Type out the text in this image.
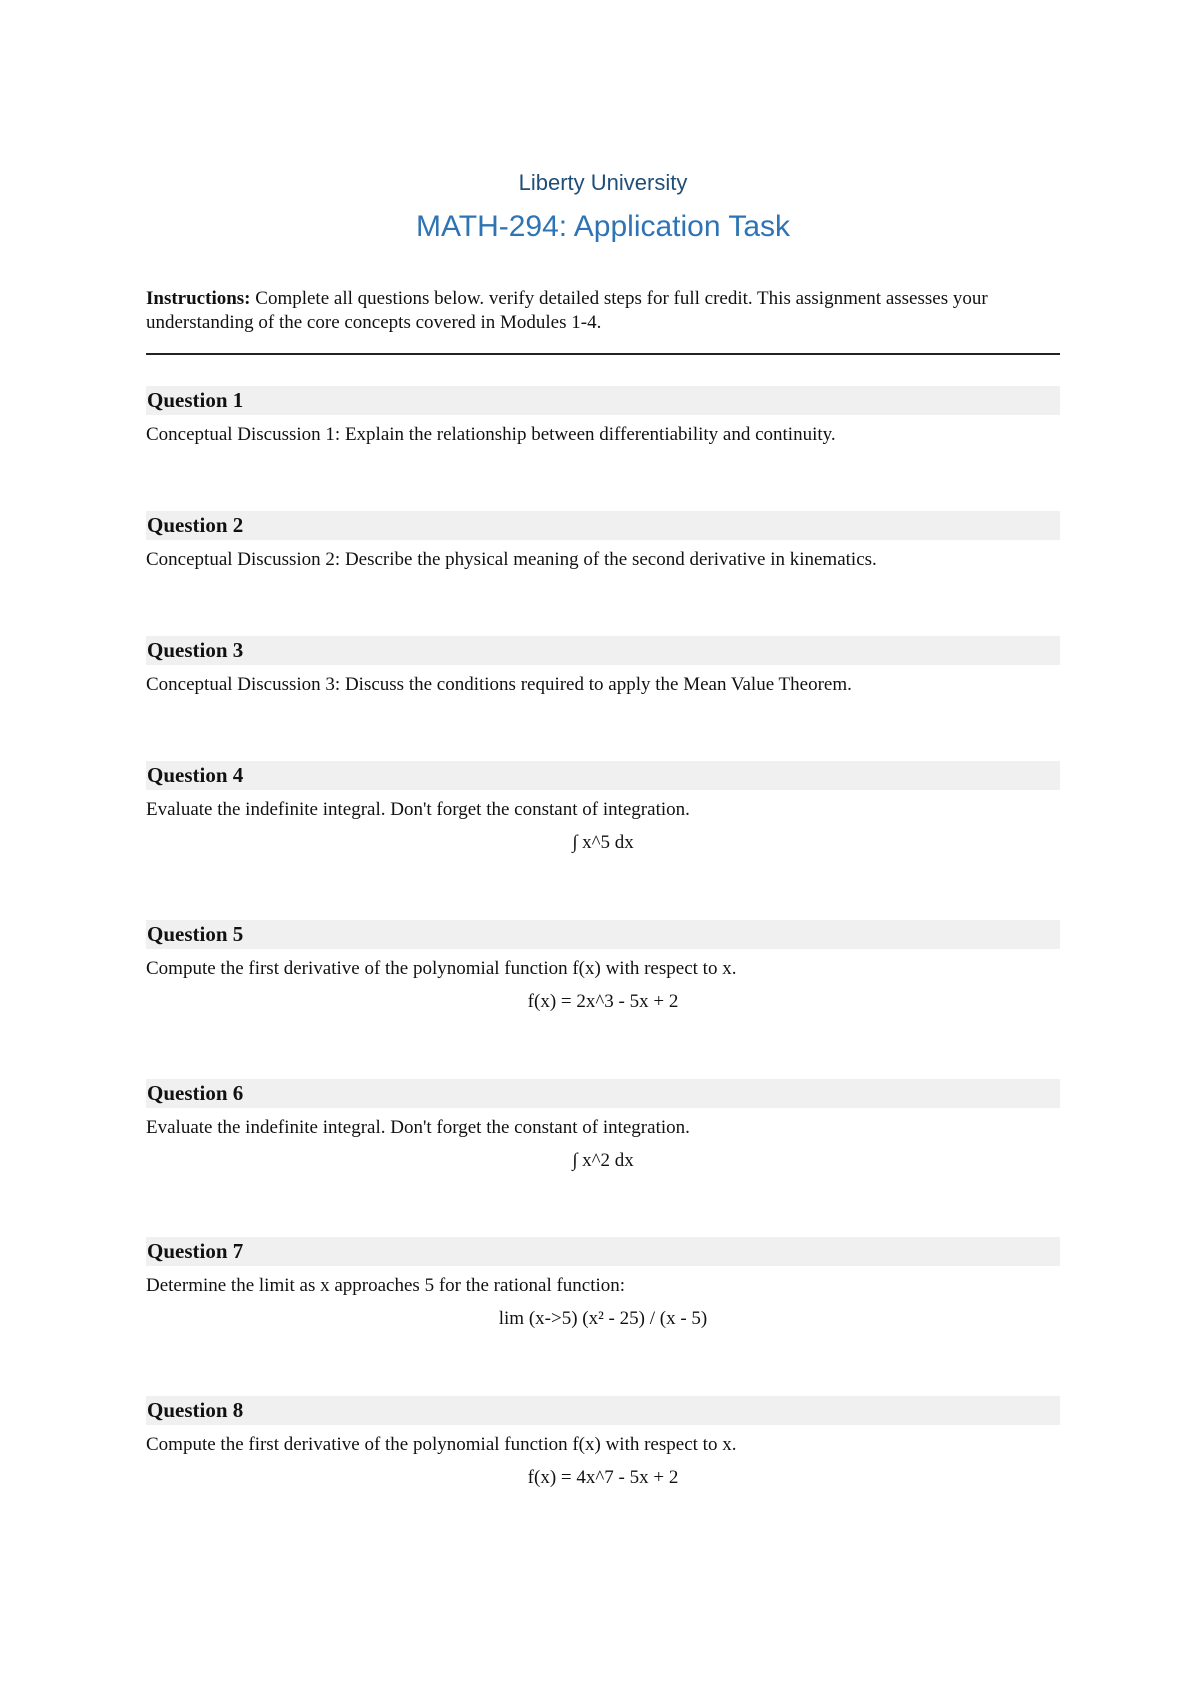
Liberty University
MATH-294: Application Task
Instructions: Complete all questions below. verify detailed steps for full credit. This assignment assesses your understanding of the core concepts covered in Modules 1-4.
Question 1
Conceptual Discussion 1: Explain the relationship between differentiability and continuity.
Question 2
Conceptual Discussion 2: Describe the physical meaning of the second derivative in kinematics.
Question 3
Conceptual Discussion 3: Discuss the conditions required to apply the Mean Value Theorem.
Question 4
Evaluate the indefinite integral. Don't forget the constant of integration.
∫ x^5 dx
Question 5
Compute the first derivative of the polynomial function f(x) with respect to x.
f(x) = 2x^3 - 5x + 2
Question 6
Evaluate the indefinite integral. Don't forget the constant of integration.
∫ x^2 dx
Question 7
Determine the limit as x approaches 5 for the rational function:
lim (x->5) (x² - 25) / (x - 5)
Question 8
Compute the first derivative of the polynomial function f(x) with respect to x.
f(x) = 4x^7 - 5x + 2
